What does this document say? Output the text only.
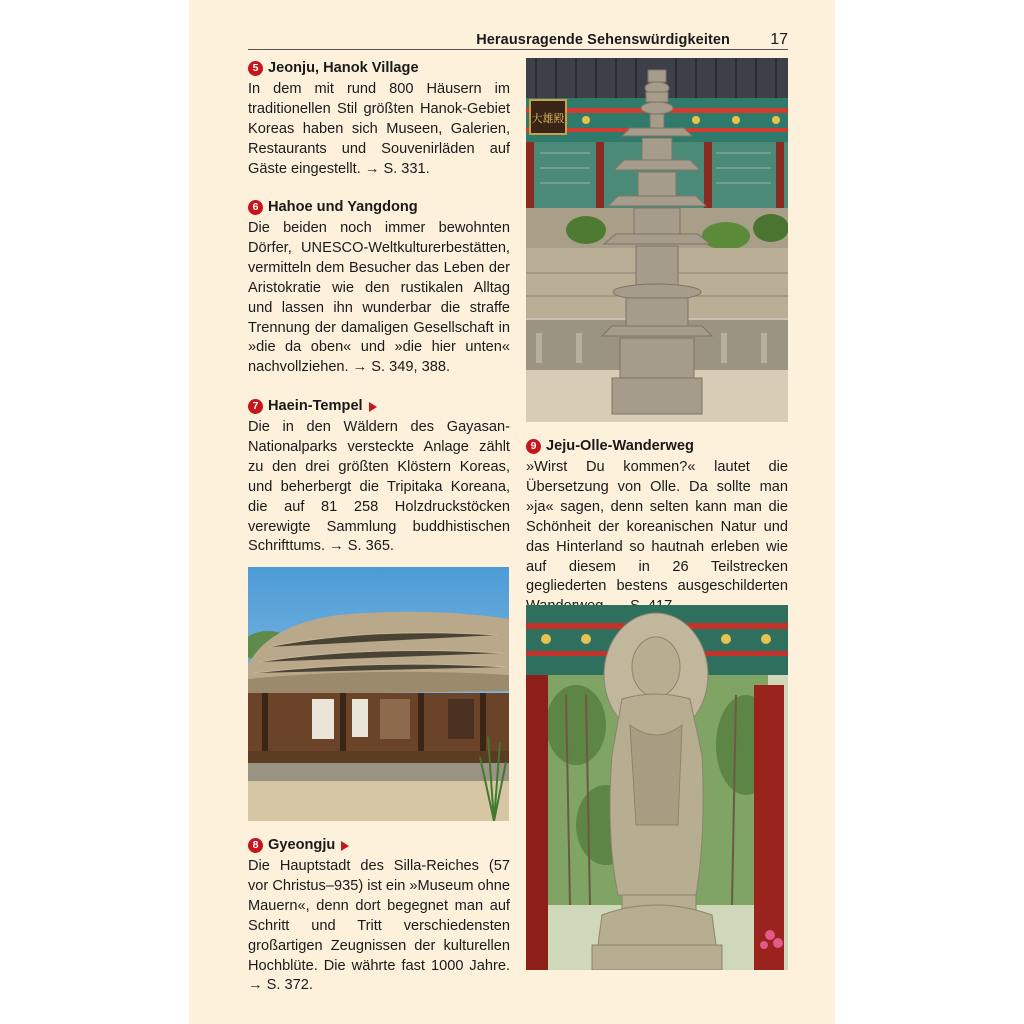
Herausragende Sehenswürdigkeiten	17
5 Jeonju, Hanok Village

In dem mit rund 800 Häusern im traditionellen Stil größten Hanok-Gebiet Koreas haben sich Museen, Galerien, Restaurants und Souvenirläden auf Gäste eingestellt. → S. 331.

6 Hahoe und Yangdong

Die beiden noch immer bewohnten Dörfer, UNESCO-Weltkulturerbestätten, vermitteln dem Besucher das Leben der Aristokratie wie den rustikalen Alltag und lassen ihn wunderbar die straffe Trennung der damaligen Gesellschaft in »die da oben« und »die hier unten« nachvollziehen. → S. 349, 388.

7 Haein-Tempel

Die in den Wäldern des Gayasan-Nationalparks versteckte Anlage zählt zu den drei größten Klöstern Koreas, und beherbergt die Tripitaka Koreana, die auf 81 258 Holzdruckstöcken verewigte Sammlung buddhistischen Schrifttums. → S. 365.

8 Gyeongju

Die Hauptstadt des Silla-Reiches (57 vor Christus–935) ist ein »Museum ohne Mauern«, denn dort begegnet man auf Schritt und Tritt verschiedensten großartigen Zeugnissen der kulturellen Hochblüte. Die währte fast 1000 Jahre. → S. 372.

9 Jeju-Olle-Wanderweg

»Wirst Du kommen?« lautet die Übersetzung von Olle. Da sollte man »ja« sagen, denn selten kann man die Schönheit der koreanischen Natur und das Hinterland so hautnah erleben wie auf diesem in 26 Teilstrecken gegliederten bestens ausgeschilderten

大雄殿
